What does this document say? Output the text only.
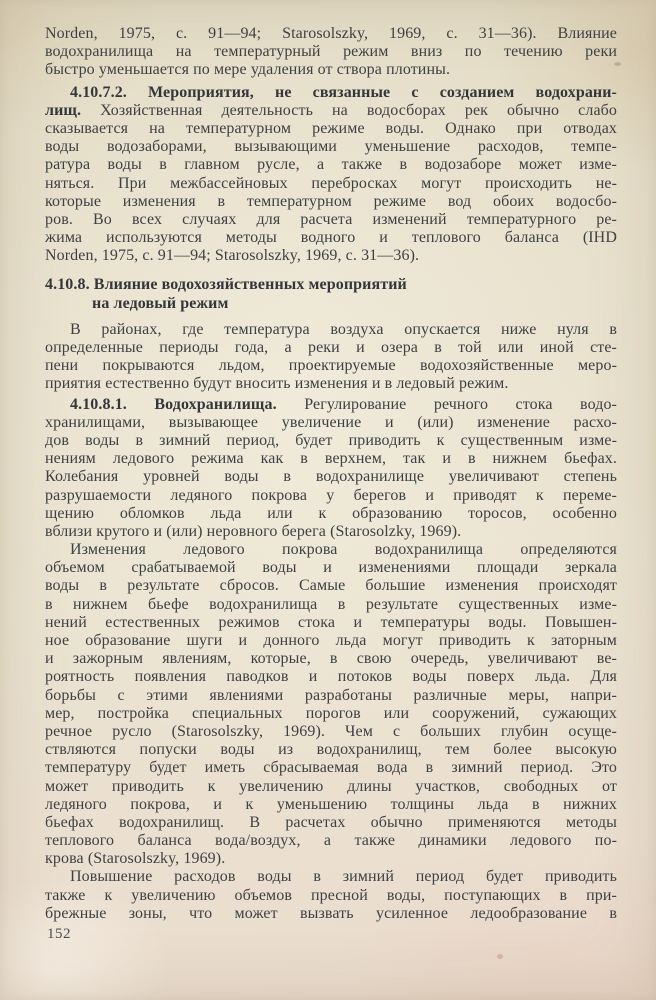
Norden, 1975, с. 91—94; Starosolszky, 1969, с. 31—36). Влияние
водохранилища на температурный режим вниз по течению реки
быстро уменьшается по мере удаления от створа плотины.
4.10.7.2. Мероприятия, не связанные с созданием водохрани-
лищ. Хозяйственная деятельность на водосборах рек обычно слабо
сказывается на температурном режиме воды. Однако при отводах
воды водозаборами, вызывающими уменьшение расходов, темпе-
ратура воды в главном русле, а также в водозаборе может изме-
няться. При межбассейновых перебросках могут происходить не-
которые изменения в температурном режиме вод обоих водосбо-
ров. Во всех случаях для расчета изменений температурного ре-
жима используются методы водного и теплового баланса (IHD
Norden, 1975, с. 91—94; Starosolszky, 1969, с. 31—36).
4.10.8. Влияние водохозяйственных мероприятий
на ледовый режим
В районах, где температура воздуха опускается ниже нуля в
определенные периоды года, а реки и озера в той или иной сте-
пени покрываются льдом, проектируемые водохозяйственные меро-
приятия естественно будут вносить изменения и в ледовый режим.
4.10.8.1. Водохранилища. Регулирование речного стока водо-
хранилищами, вызывающее увеличение и (или) изменение расхо-
дов воды в зимний период, будет приводить к существенным изме-
нениям ледового режима как в верхнем, так и в нижнем бьефах.
Колебания уровней воды в водохранилище увеличивают степень
разрушаемости ледяного покрова у берегов и приводят к переме-
щению обломков льда или к образованию торосов, особенно
вблизи крутого и (или) неровного берега (Starosolzky, 1969).
Изменения ледового покрова водохранилища определяются
объемом срабатываемой воды и изменениями площади зеркала
воды в результате сбросов. Самые большие изменения происходят
в нижнем бьефе водохранилища в результате существенных изме-
нений естественных режимов стока и температуры воды. Повышен-
ное образование шуги и донного льда могут приводить к заторным
и зажорным явлениям, которые, в свою очередь, увеличивают ве-
роятность появления паводков и потоков воды поверх льда. Для
борьбы с этими явлениями разработаны различные меры, напри-
мер, постройка специальных порогов или сооружений, сужающих
речное русло (Starosolszky, 1969). Чем с больших глубин осуще-
ствляются попуски воды из водохранилищ, тем более высокую
температуру будет иметь сбрасываемая вода в зимний период. Это
может приводить к увеличению длины участков, свободных от
ледяного покрова, и к уменьшению толщины льда в нижних
бьефах водохранилищ. В расчетах обычно применяются методы
теплового баланса вода/воздух, а также динамики ледового по-
крова (Starosolszky, 1969).
Повышение расходов воды в зимний период будет приводить
также к увеличению объемов пресной воды, поступающих в при-
брежные зоны, что может вызвать усиленное ледообразование в
152
